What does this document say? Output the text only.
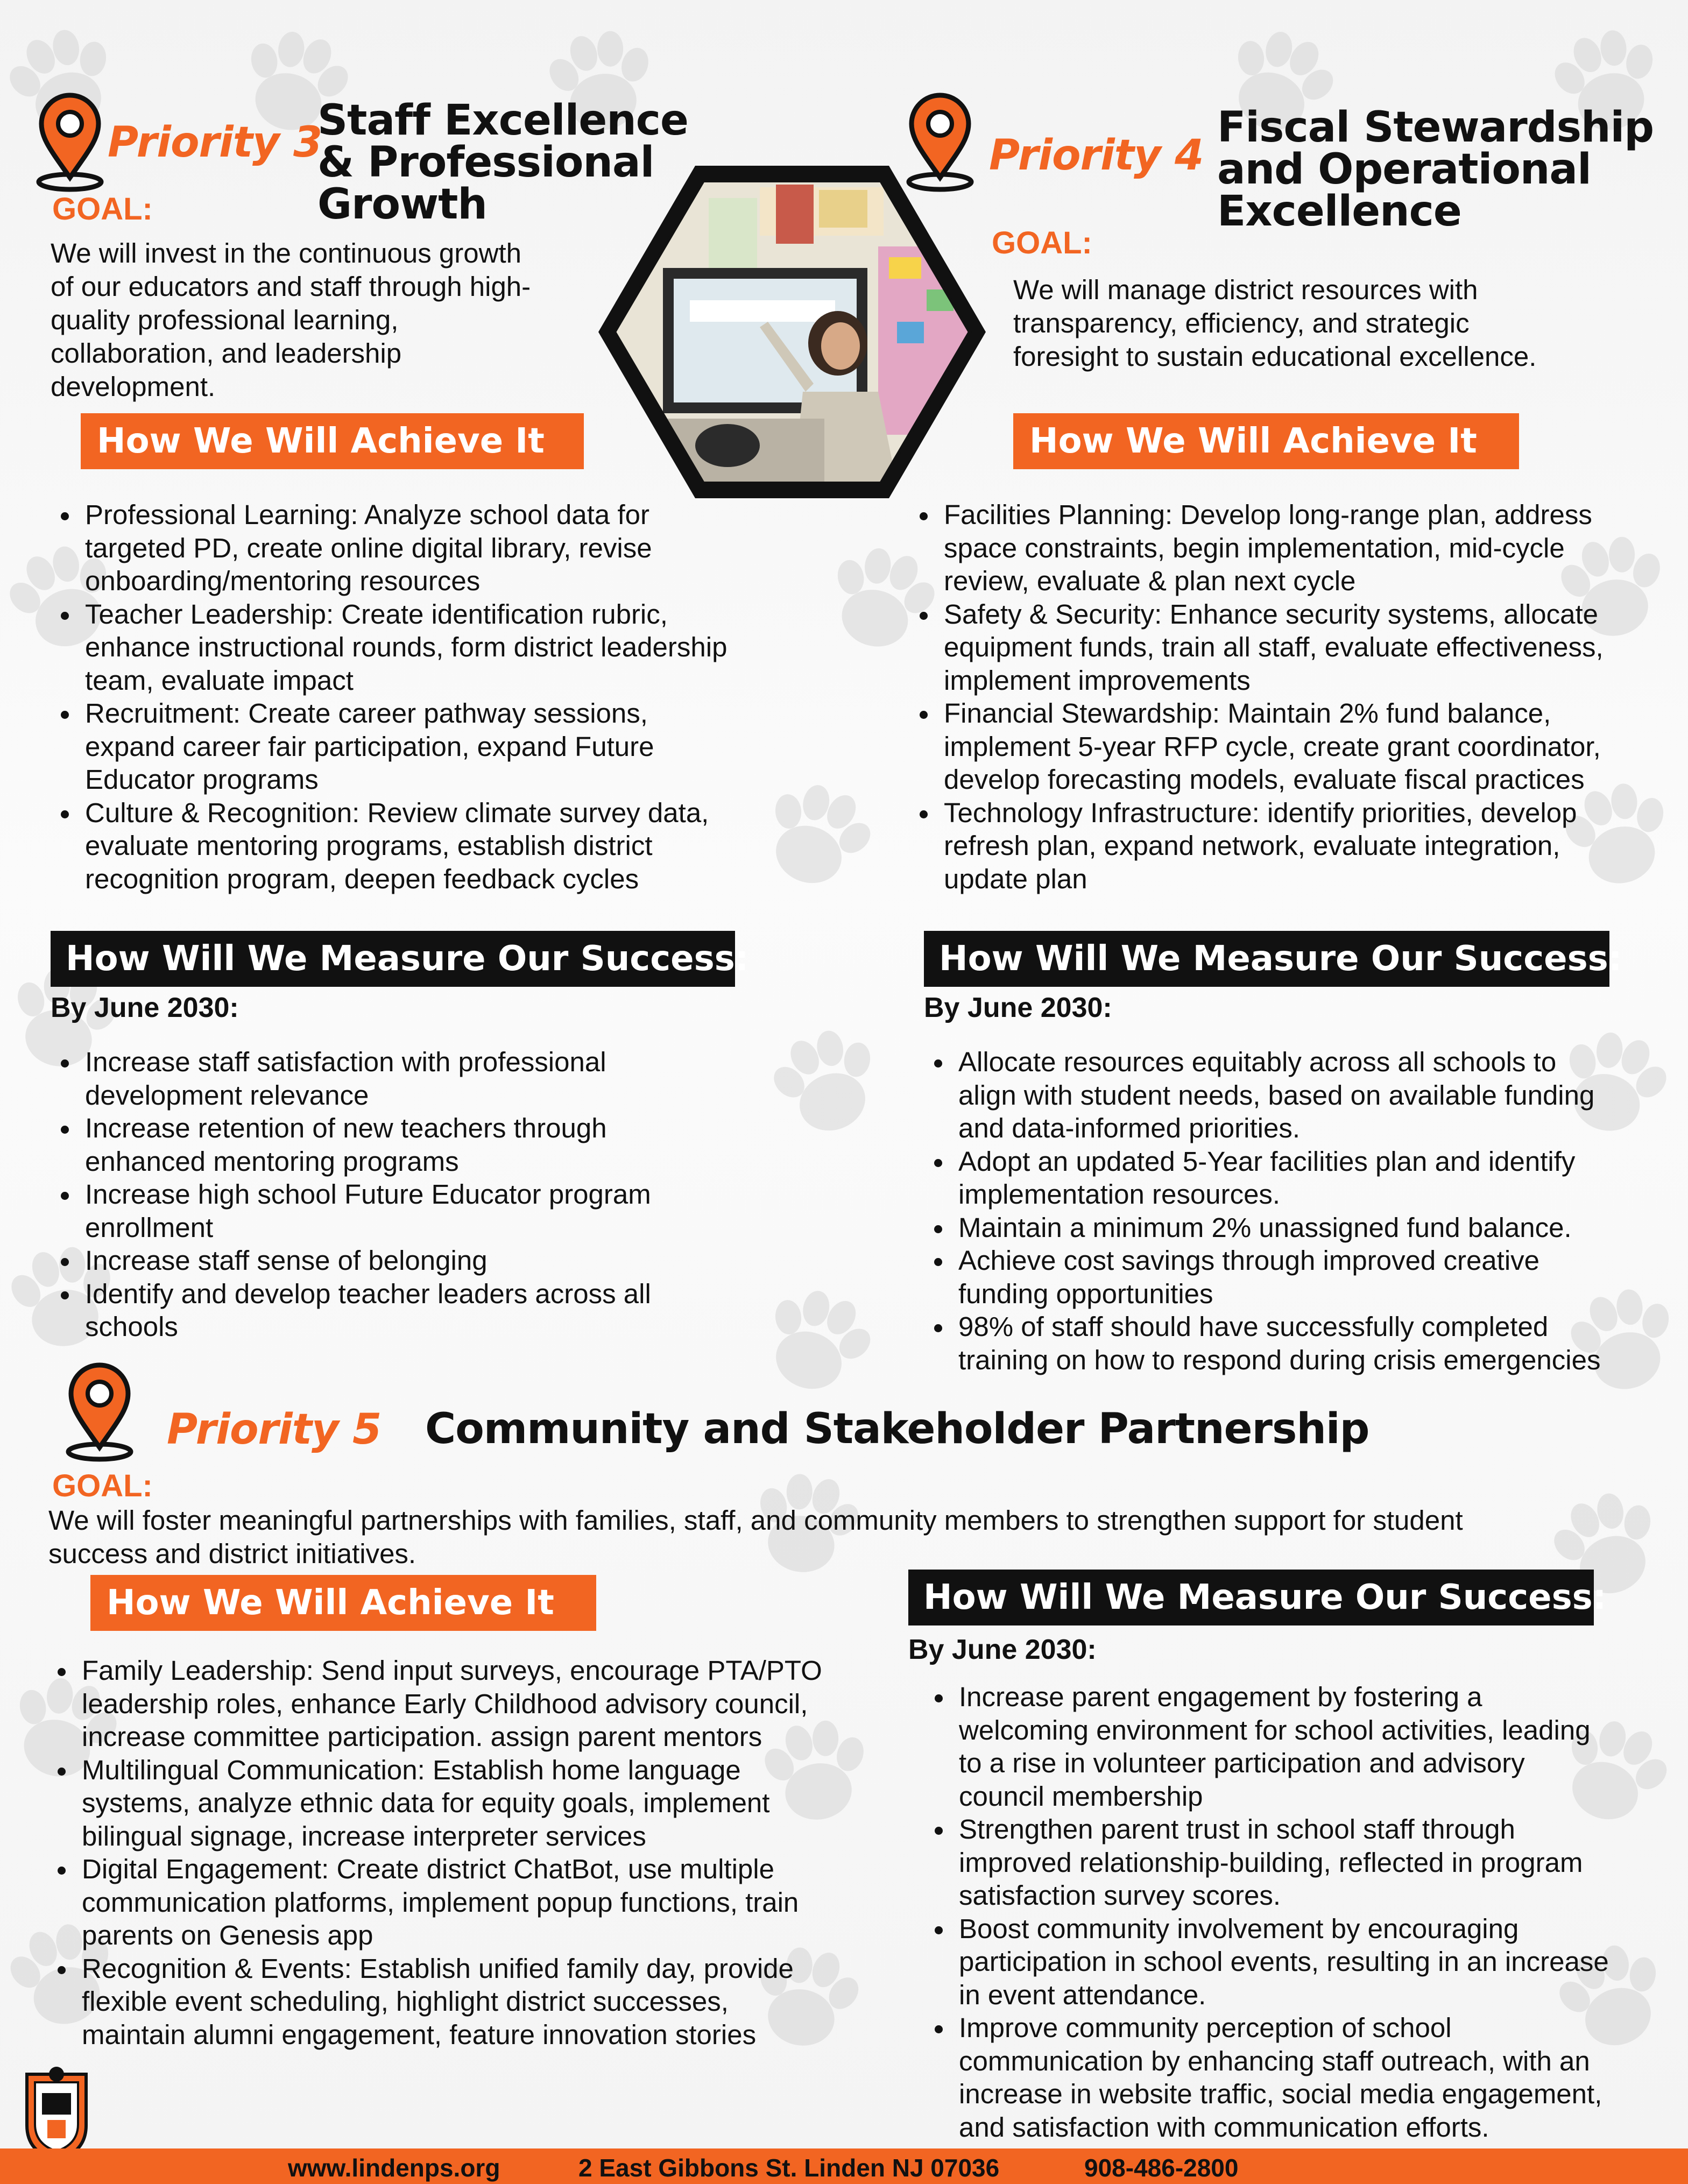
Priority 3
Staff Excellence
& Professional
Growth
GOAL:
We will invest in the continuous growth
of our educators and staff through high-
quality professional learning,
collaboration, and leadership
development.
How We Will Achieve It
• Professional Learning: Analyze school data for
targeted PD, create online digital library, revise
onboarding/mentoring resources
• Teacher Leadership: Create identification rubric,
enhance instructional rounds, form district leadership
team, evaluate impact
• Recruitment: Create career pathway sessions,
expand career fair participation, expand Future
Educator programs
• Culture & Recognition: Review climate survey data,
evaluate mentoring programs, establish district
recognition program, deepen feedback cycles
How Will We Measure Our Success:
By June 2030:
• Increase staff satisfaction with professional
development relevance
• Increase retention of new teachers through
enhanced mentoring programs
• Increase high school Future Educator program
enrollment
• Increase staff sense of belonging
• Identify and develop teacher leaders across all
schools
Priority 4
Fiscal Stewardship
and Operational
Excellence
GOAL:
We will manage district resources with
transparency, efficiency, and strategic
foresight to sustain educational excellence.
How We Will Achieve It
• Facilities Planning: Develop long-range plan, address
space constraints, begin implementation, mid-cycle
review, evaluate & plan next cycle
• Safety & Security: Enhance security systems, allocate
equipment funds, train all staff, evaluate effectiveness,
implement improvements
• Financial Stewardship: Maintain 2% fund balance,
implement 5-year RFP cycle, create grant coordinator,
develop forecasting models, evaluate fiscal practices
• Technology Infrastructure: identify priorities, develop
refresh plan, expand network, evaluate integration,
update plan
How Will We Measure Our Success:
By June 2030:
• Allocate resources equitably across all schools to
align with student needs, based on available funding
and data-informed priorities.
• Adopt an updated 5-Year facilities plan and identify
implementation resources.
• Maintain a minimum 2% unassigned fund balance.
• Achieve cost savings through improved creative
funding opportunities
• 98% of staff should have successfully completed
training on how to respond during crisis emergencies
Priority 5 Community and Stakeholder Partnership
GOAL:
We will foster meaningful partnerships with families, staff, and community members to strengthen support for student
success and district initiatives.
How We Will Achieve It
• Family Leadership: Send input surveys, encourage PTA/PTO
leadership roles, enhance Early Childhood advisory council,
increase committee participation. assign parent mentors
• Multilingual Communication: Establish home language
systems, analyze ethnic data for equity goals, implement
bilingual signage, increase interpreter services
• Digital Engagement: Create district ChatBot, use multiple
communication platforms, implement popup functions, train
parents on Genesis app
• Recognition & Events: Establish unified family day, provide
flexible event scheduling, highlight district successes,
maintain alumni engagement, feature innovation stories
How Will We Measure Our Success:
By June 2030:
• Increase parent engagement by fostering a
welcoming environment for school activities, leading
to a rise in volunteer participation and advisory
council membership
• Strengthen parent trust in school staff through
improved relationship-building, reflected in program
satisfaction survey scores.
• Boost community involvement by encouraging
participation in school events, resulting in an increase
in event attendance.
• Improve community perception of school
communication by enhancing staff outreach, with an
increase in website traffic, social media engagement,
and satisfaction with communication efforts.
www.lindenps.org	2 East Gibbons St. Linden NJ 07036	908-486-2800
